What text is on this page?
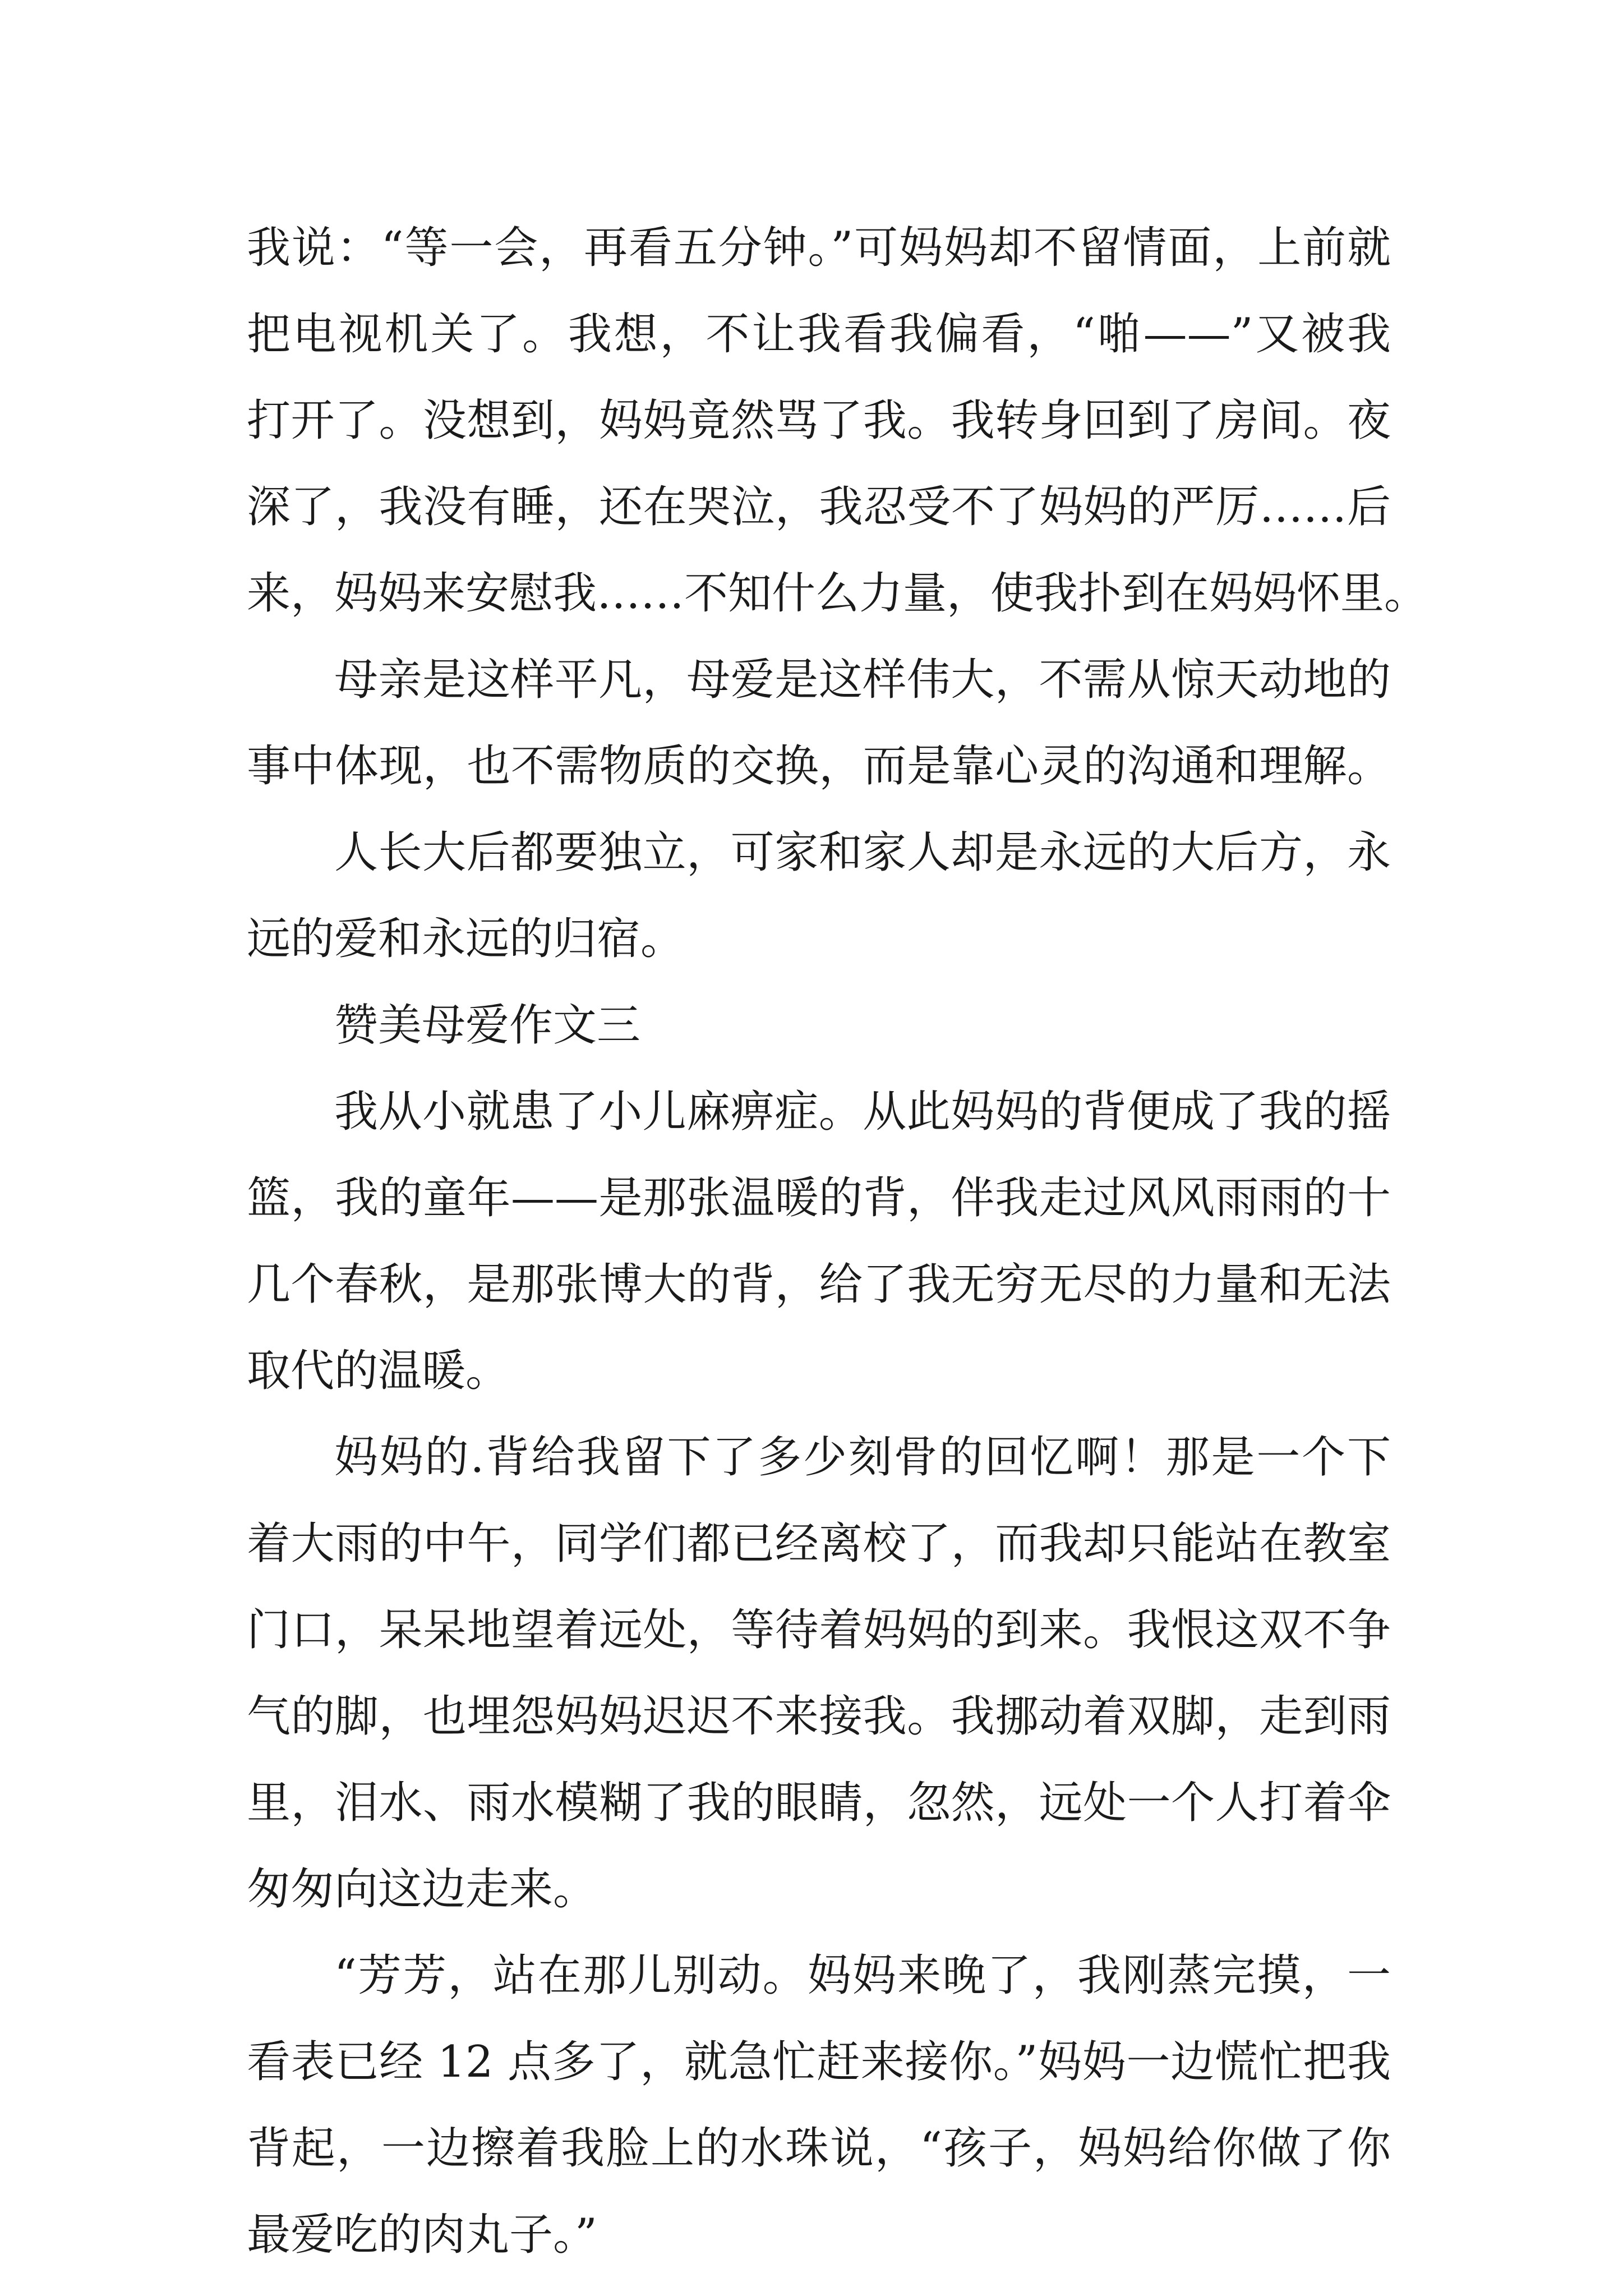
我说：“等一会，再看五分钟。”可妈妈却不留情面，上前就
把电视机关了。我想，不让我看我偏看，“啪——”又被我
打开了。没想到，妈妈竟然骂了我。我转身回到了房间。夜
深了，我没有睡，还在哭泣，我忍受不了妈妈的严厉……后
来，妈妈来安慰我……不知什么力量，使我扑到在妈妈怀里。
母亲是这样平凡，母爱是这样伟大，不需从惊天动地的
事中体现，也不需物质的交换，而是靠心灵的沟通和理解。
人长大后都要独立，可家和家人却是永远的大后方，永
远的爱和永远的归宿。
赞美母爱作文三
我从小就患了小儿麻痹症。从此妈妈的背便成了我的摇
篮，我的童年——是那张温暖的背，伴我走过风风雨雨的十
几个春秋，是那张博大的背，给了我无穷无尽的力量和无法
取代的温暖。
妈妈的.背给我留下了多少刻骨的回忆啊！那是一个下
着大雨的中午，同学们都已经离校了，而我却只能站在教室
门口，呆呆地望着远处，等待着妈妈的到来。我恨这双不争
气的脚，也埋怨妈妈迟迟不来接我。我挪动着双脚，走到雨
里，泪水、雨水模糊了我的眼睛，忽然，远处一个人打着伞
匆匆向这边走来。
“芳芳，站在那儿别动。妈妈来晚了，我刚蒸完摸，一
看表已经 12 点多了，就急忙赶来接你。”妈妈一边慌忙把我
背起，一边擦着我脸上的水珠说，“孩子，妈妈给你做了你
最爱吃的肉丸子。”
